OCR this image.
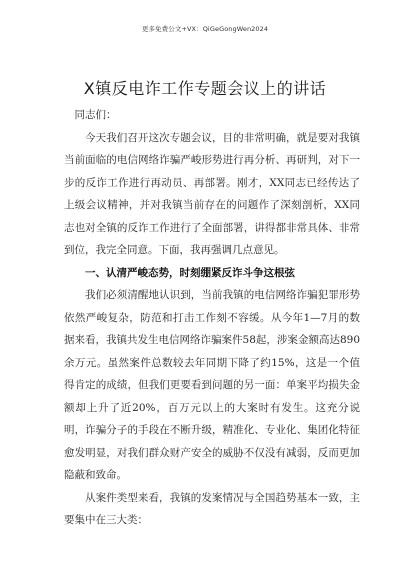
更多免费公文+VX：QiGeGongWen2024
X镇反电诈工作专题会议上的讲话

同志们：

今天我们召开这次专题会议，目的非常明确，就是要对我镇当前面临的电信网络诈骗严峻形势进行再分析、再研判，对下一步的反诈工作进行再动员、再部署。刚才，XX同志已经传达了上级会议精神，并对我镇当前存在的问题作了深刻剖析，XX同志也对全镇的反诈工作进行了全面部署，讲得都非常具体、非常到位，我完全同意。下面，我再强调几点意见。

一、认清严峻态势，时刻绷紧反诈斗争这根弦

我们必须清醒地认识到，当前我镇的电信网络诈骗犯罪形势依然严峻复杂，防范和打击工作刻不容缓。从今年1—7月的数据来看，我镇共发生电信网络诈骗案件58起，涉案金额高达890余万元。虽然案件总数较去年同期下降了约15%，这是一个值得肯定的成绩，但我们更要看到问题的另一面：单案平均损失金额却上升了近20%，百万元以上的大案时有发生。这充分说明，诈骗分子的手段在不断升级，精准化、专业化、集团化特征愈发明显，对我们群众财产安全的威胁不仅没有减弱，反而更加隐蔽和致命。

从案件类型来看，我镇的发案情况与全国趋势基本一致，主要集中在三大类：
